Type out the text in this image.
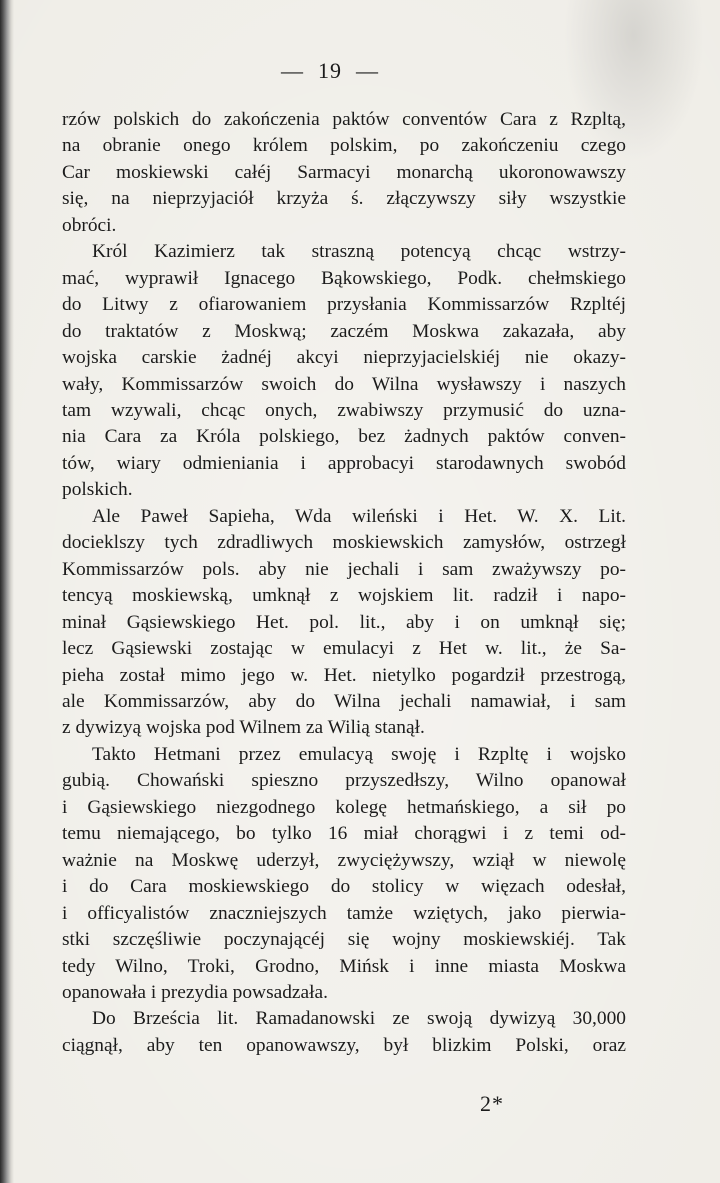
— 19 —
rzów polskich do zakończenia paktów conventów Cara z Rzpltą,
na obranie onego królem polskim, po zakończeniu czego
Car moskiewski całéj Sarmacyi monarchą ukoronowawszy
się, na nieprzyjaciół krzyża ś. złączywszy siły wszystkie
obróci.
Król Kazimierz tak straszną potencyą chcąc wstrzy-
mać, wyprawił Ignacego Bąkowskiego, Podk. chełmskiego
do Litwy z ofiarowaniem przysłania Kommissarzów Rzpltéj
do traktatów z Moskwą; zaczém Moskwa zakazała, aby
wojska carskie żadnéj akcyi nieprzyjacielskiéj nie okazy-
wały, Kommissarzów swoich do Wilna wysławszy i naszych
tam wzywali, chcąc onych, zwabiwszy przymusić do uzna-
nia Cara za Króla polskiego, bez żadnych paktów conven-
tów, wiary odmieniania i approbacyi starodawnych swobód
polskich.
Ale Paweł Sapieha, Wda wileński i Het. W. X. Lit.
docieklszy tych zdradliwych moskiewskich zamysłów, ostrzegł
Kommissarzów pols. aby nie jechali i sam zważywszy po-
tencyą moskiewską, umknął z wojskiem lit. radził i napo-
minał Gąsiewskiego Het. pol. lit., aby i on umknął się;
lecz Gąsiewski zostając w emulacyi z Het w. lit., że Sa-
pieha został mimo jego w. Het. nietylko pogardził przestrogą,
ale Kommissarzów, aby do Wilna jechali namawiał, i sam
z dywizyą wojska pod Wilnem za Wilią stanął.
Takto Hetmani przez emulacyą swoję i Rzpltę i wojsko
gubią. Chowański spieszno przyszedłszy, Wilno opanował
i Gąsiewskiego niezgodnego kolegę hetmańskiego, a sił po
temu niemającego, bo tylko 16 miał chorągwi i z temi od-
ważnie na Moskwę uderzył, zwyciężywszy, wziął w niewolę
i do Cara moskiewskiego do stolicy w więzach odesłał,
i officyalistów znaczniejszych tamże wziętych, jako pierwia-
stki szczęśliwie poczynającéj się wojny moskiewskiéj. Tak
tedy Wilno, Troki, Grodno, Mińsk i inne miasta Moskwa
opanowała i prezydia powsadzała.
Do Brześcia lit. Ramadanowski ze swoją dywizyą 30,000
ciągnął, aby ten opanowawszy, był blizkim Polski, oraz
2*
